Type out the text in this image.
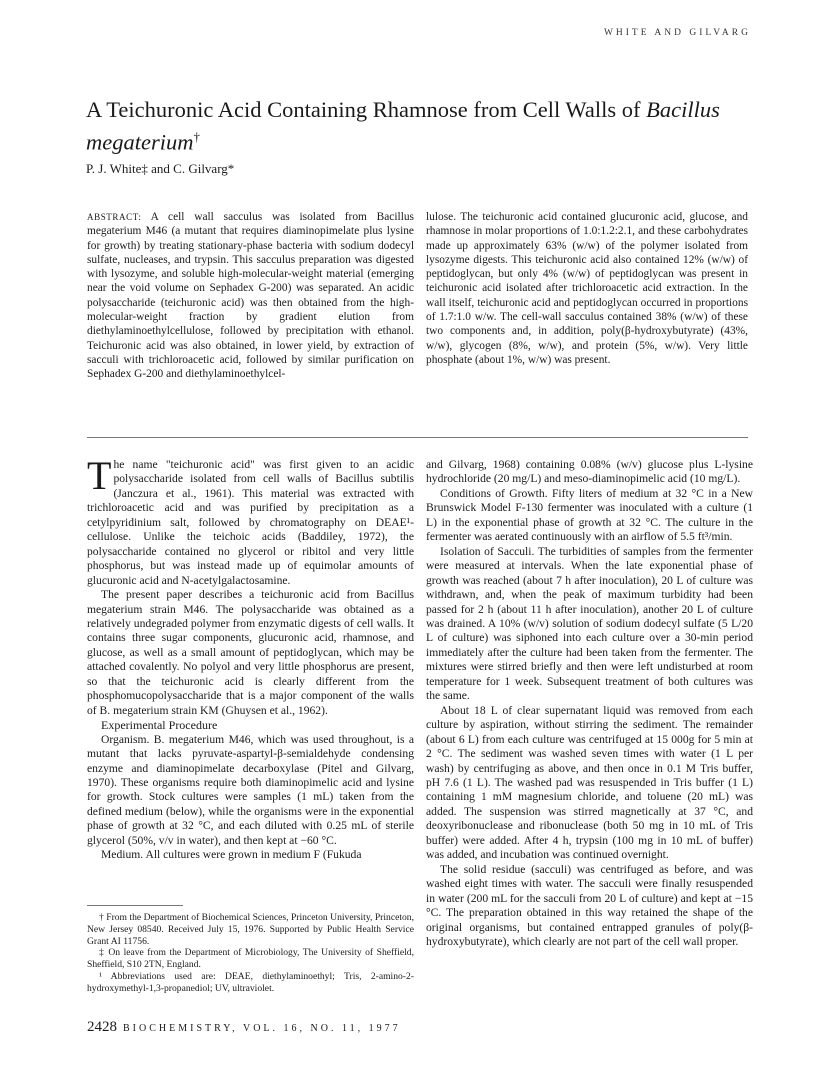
WHITE AND GILVARG
A Teichuronic Acid Containing Rhamnose from Cell Walls of Bacillus megaterium†
P. J. White‡ and C. Gilvarg*
ABSTRACT: A cell wall sacculus was isolated from Bacillus megaterium M46 (a mutant that requires diaminopimelate plus lysine for growth) by treating stationary-phase bacteria with sodium dodecyl sulfate, nucleases, and trypsin. This sacculus preparation was digested with lysozyme, and soluble high-molecular-weight material (emerging near the void volume on Sephadex G-200) was separated. An acidic polysaccharide (teichuronic acid) was then obtained from the high-molecular-weight fraction by gradient elution from diethylaminoethylcellulose, followed by precipitation with ethanol. Teichuronic acid was also obtained, in lower yield, by extraction of sacculi with trichloroacetic acid, followed by similar purification on Sephadex G-200 and diethylaminoethylcel-
lulose. The teichuronic acid contained glucuronic acid, glucose, and rhamnose in molar proportions of 1.0:1.2:2.1, and these carbohydrates made up approximately 63% (w/w) of the polymer isolated from lysozyme digests. This teichuronic acid also contained 12% (w/w) of peptidoglycan, but only 4% (w/w) of peptidoglycan was present in teichuronic acid isolated after trichloroacetic acid extraction. In the wall itself, teichuronic acid and peptidoglycan occurred in proportions of 1.7:1.0 w/w. The cell-wall sacculus contained 38% (w/w) of these two components and, in addition, poly(β-hydroxybutyrate) (43%, w/w), glycogen (8%, w/w), and protein (5%, w/w). Very little phosphate (about 1%, w/w) was present.

The name "teichuronic acid" was first given to an acidic polysaccharide isolated from cell walls of Bacillus subtilis (Janczura et al., 1961). This material was extracted with trichloroacetic acid and was purified by precipitation as a cetylpyridinium salt, followed by chromatography on DEAE¹-cellulose. Unlike the teichoic acids (Baddiley, 1972), the polysaccharide contained no glycerol or ribitol and very little phosphorus, but was instead made up of equimolar amounts of glucuronic acid and N-acetylgalactosamine.

The present paper describes a teichuronic acid from Bacillus megaterium strain M46. The polysaccharide was obtained as a relatively undegraded polymer from enzymatic digests of cell walls. It contains three sugar components, glucuronic acid, rhamnose, and glucose, as well as a small amount of peptidoglycan, which may be attached covalently. No polyol and very little phosphorus are present, so that the teichuronic acid is clearly different from the phosphomucopolysaccharide that is a major component of the walls of B. megaterium strain KM (Ghuysen et al., 1962).

Experimental Procedure

Organism. B. megaterium M46, which was used throughout, is a mutant that lacks pyruvate-aspartyl-β-semialdehyde condensing enzyme and diaminopimelate decarboxylase (Pitel and Gilvarg, 1970). These organisms require both diaminopimelic acid and lysine for growth. Stock cultures were samples (1 mL) taken from the defined medium (below), while the organisms were in the exponential phase of growth at 32 °C, and each diluted with 0.25 mL of sterile glycerol (50%, v/v in water), and then kept at −60 °C.

Medium. All cultures were grown in medium F (Fukuda

† From the Department of Biochemical Sciences, Princeton University, Princeton, New Jersey 08540. Received July 15, 1976. Supported by Public Health Service Grant AI 11756.

‡ On leave from the Department of Microbiology, The University of Sheffield, Sheffield, S10 2TN, England.

¹ Abbreviations used are: DEAE, diethylaminoethyl; Tris, 2-amino-2-hydroxymethyl-1,3-propanediol; UV, ultraviolet.

and Gilvarg, 1968) containing 0.08% (w/v) glucose plus L-lysine hydrochloride (20 mg/L) and meso-diaminopimelic acid (10 mg/L).

Conditions of Growth. Fifty liters of medium at 32 °C in a New Brunswick Model F-130 fermenter was inoculated with a culture (1 L) in the exponential phase of growth at 32 °C. The culture in the fermenter was aerated continuously with an airflow of 5.5 ft³/min.

Isolation of Sacculi. The turbidities of samples from the fermenter were measured at intervals. When the late exponential phase of growth was reached (about 7 h after inoculation), 20 L of culture was withdrawn, and, when the peak of maximum turbidity had been passed for 2 h (about 11 h after inoculation), another 20 L of culture was drained. A 10% (w/v) solution of sodium dodecyl sulfate (5 L/20 L of culture) was siphoned into each culture over a 30-min period immediately after the culture had been taken from the fermenter. The mixtures were stirred briefly and then were left undisturbed at room temperature for 1 week. Subsequent treatment of both cultures was the same.

About 18 L of clear supernatant liquid was removed from each culture by aspiration, without stirring the sediment. The remainder (about 6 L) from each culture was centrifuged at 15 000g for 5 min at 2 °C. The sediment was washed seven times with water (1 L per wash) by centrifuging as above, and then once in 0.1 M Tris buffer, pH 7.6 (1 L). The washed pad was resuspended in Tris buffer (1 L) containing 1 mM magnesium chloride, and toluene (20 mL) was added. The suspension was stirred magnetically at 37 °C, and deoxyribonuclease and ribonuclease (both 50 mg in 10 mL of Tris buffer) were added. After 4 h, trypsin (100 mg in 10 mL of buffer) was added, and incubation was continued overnight.

The solid residue (sacculi) was centrifuged as before, and was washed eight times with water. The sacculi were finally resuspended in water (200 mL for the sacculi from 20 L of culture) and kept at −15 °C. The preparation obtained in this way retained the shape of the original organisms, but contained entrapped granules of poly(β-hydroxybutyrate), which clearly are not part of the cell wall proper.

2428 BIOCHEMISTRY, VOL. 16, NO. 11, 1977
